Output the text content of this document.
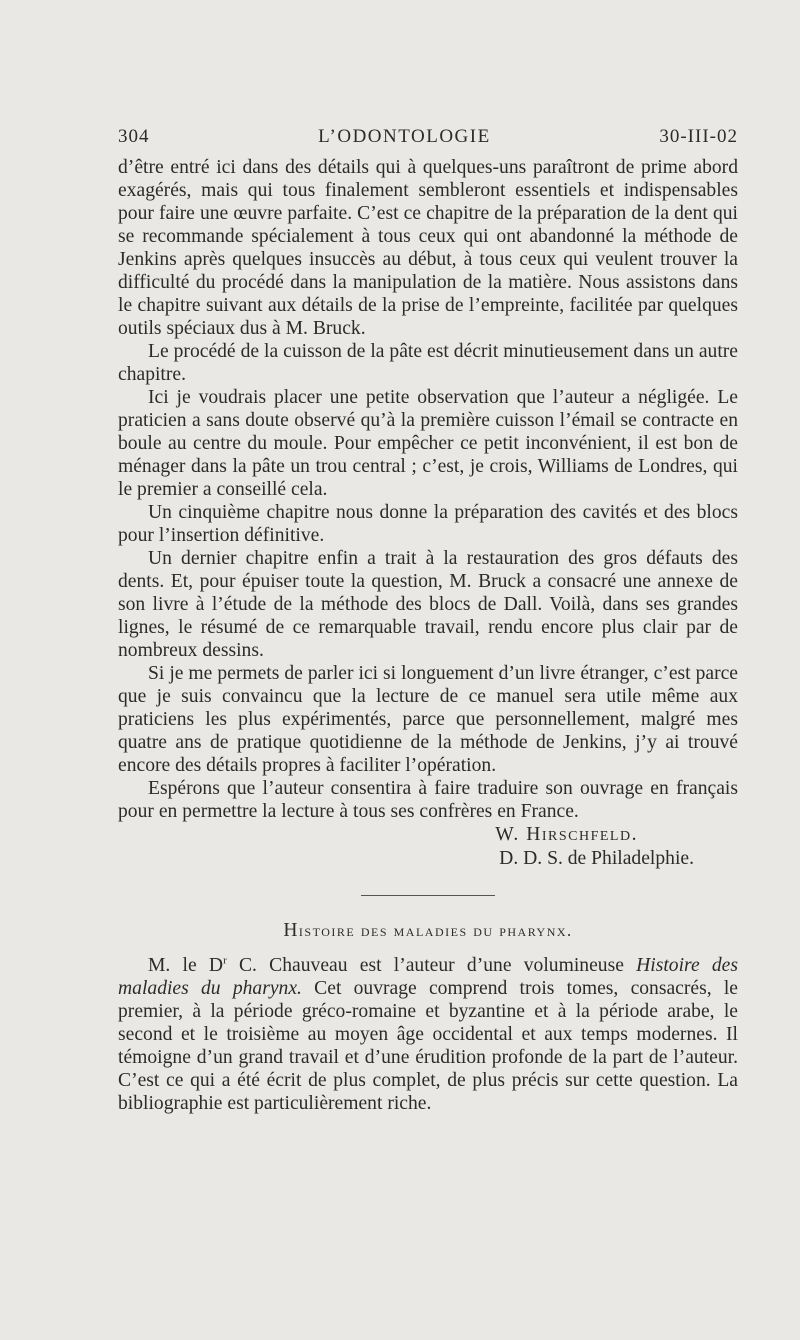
304	L’ODONTOLOGIE	30-III-02

d’être entré ici dans des détails qui à quelques-uns paraîtront de prime abord exagérés, mais qui tous finalement sembleront essentiels et indispensables pour faire une œuvre parfaite. C’est ce chapitre de la préparation de la dent qui se recommande spécialement à tous ceux qui ont abandonné la méthode de Jenkins après quelques insuccès au début, à tous ceux qui veulent trouver la difficulté du procédé dans la manipulation de la matière. Nous assistons dans le chapitre suivant aux détails de la prise de l’empreinte, facilitée par quelques outils spéciaux dus à M. Bruck.

Le procédé de la cuisson de la pâte est décrit minutieusement dans un autre chapitre.

Ici je voudrais placer une petite observation que l’auteur a négligée. Le praticien a sans doute observé qu’à la première cuisson l’émail se contracte en boule au centre du moule. Pour empêcher ce petit inconvénient, il est bon de ménager dans la pâte un trou central ; c’est, je crois, Williams de Londres, qui le premier a conseillé cela.

Un cinquième chapitre nous donne la préparation des cavités et des blocs pour l’insertion définitive.

Un dernier chapitre enfin a trait à la restauration des gros défauts des dents. Et, pour épuiser toute la question, M. Bruck a consacré une annexe de son livre à l’étude de la méthode des blocs de Dall. Voilà, dans ses grandes lignes, le résumé de ce remarquable travail, rendu encore plus clair par de nombreux dessins.

Si je me permets de parler ici si longuement d’un livre étranger, c’est parce que je suis convaincu que la lecture de ce manuel sera utile même aux praticiens les plus expérimentés, parce que personnellement, malgré mes quatre ans de pratique quotidienne de la méthode de Jenkins, j’y ai trouvé encore des détails propres à faciliter l’opération.

Espérons que l’auteur consentira à faire traduire son ouvrage en français pour en permettre la lecture à tous ses confrères en France.

W. Hirschfeld.
D. D. S. de Philadelphie.
Histoire des maladies du pharynx.

M. le $D^r$ C. Chauveau est l’auteur d’une volumineuse Histoire des maladies du pharynx. Cet ouvrage comprend trois tomes, consacrés, le premier, à la période gréco-romaine et byzantine et à la période arabe, le second et le troisième au moyen âge occidental et aux temps modernes. Il témoigne d’un grand travail et d’une érudition profonde de la part de l’auteur. C’est ce qui a été écrit de plus complet, de plus précis sur cette question. La bibliographie est particulièrement riche.
